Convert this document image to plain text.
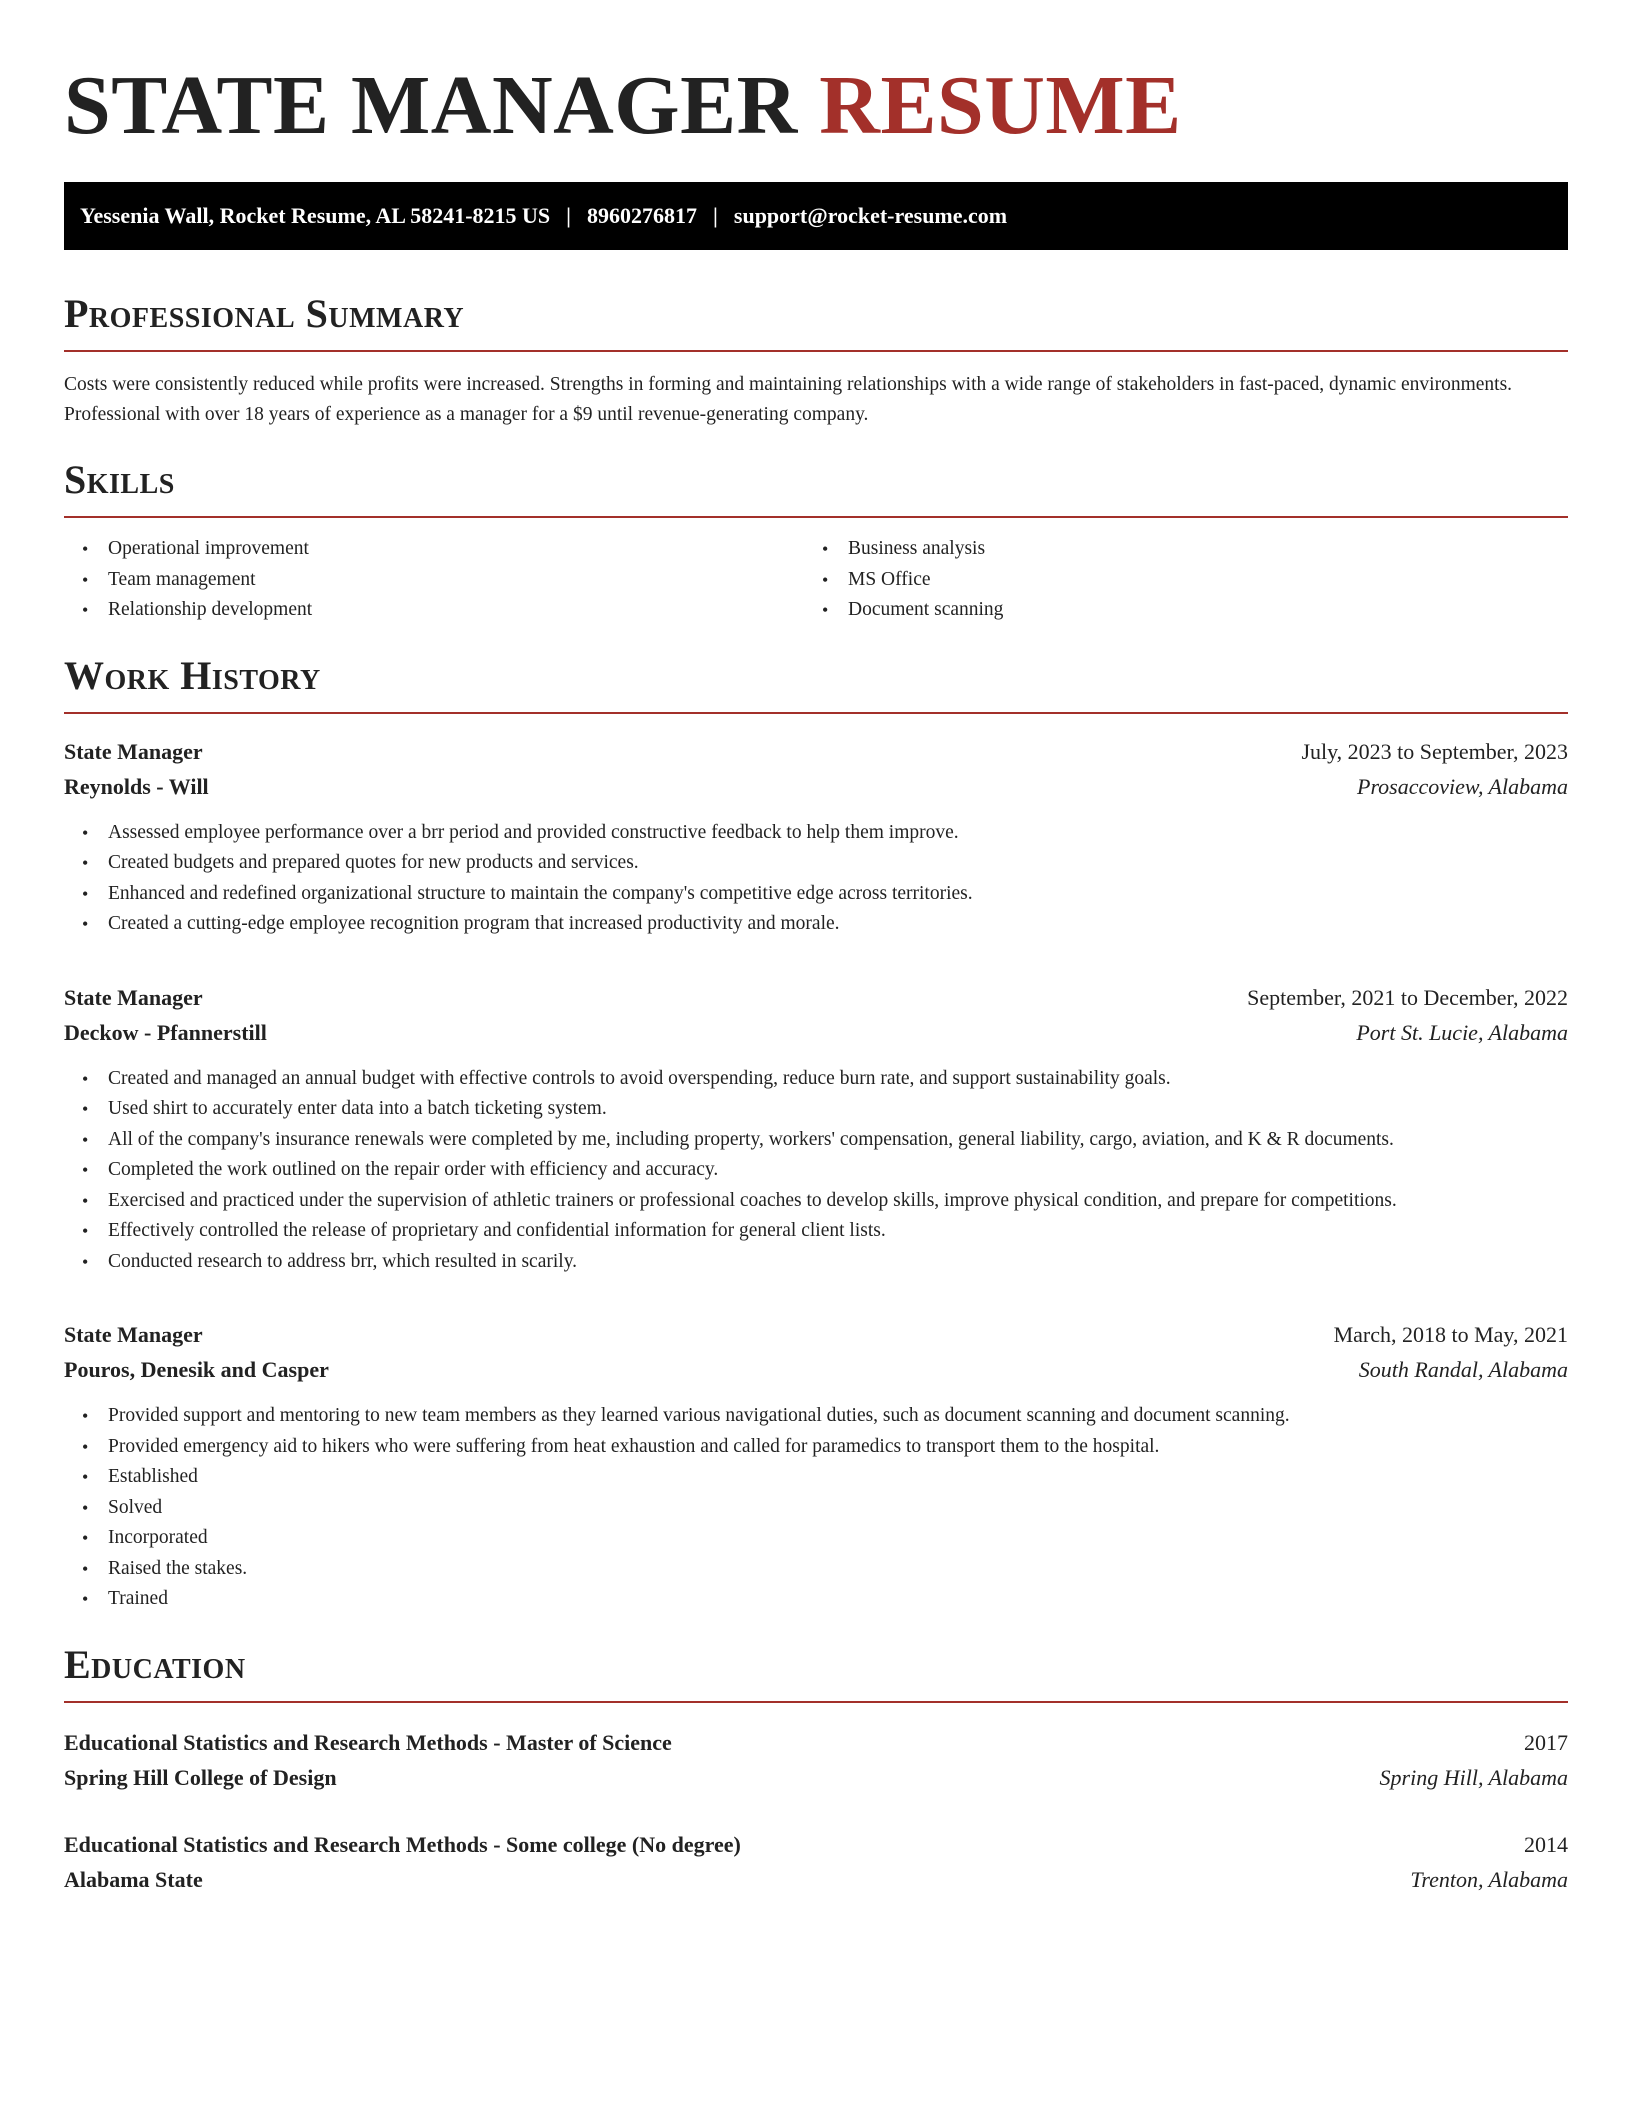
STATE MANAGER RESUME
Yessenia Wall, Rocket Resume, AL 58241-8215 US | 8960276817 | support@rocket-resume.com
Professional Summary

Costs were consistently reduced while profits were increased. Strengths in forming and maintaining relationships with a wide range of stakeholders in fast-paced, dynamic environments. Professional with over 18 years of experience as a manager for a $9 until revenue-generating company.

Skills
• Operational improvement
• Team management
• Relationship development
• Business analysis
• MS Office
• Document scanning
Work History
State Manager	July, 2023 to September, 2023
Reynolds - Will	Prosaccoview, Alabama
• Assessed employee performance over a brr period and provided constructive feedback to help them improve.
• Created budgets and prepared quotes for new products and services.
• Enhanced and redefined organizational structure to maintain the company's competitive edge across territories.
• Created a cutting-edge employee recognition program that increased productivity and morale.
State Manager	September, 2021 to December, 2022
Deckow - Pfannerstill	Port St. Lucie, Alabama
• Created and managed an annual budget with effective controls to avoid overspending, reduce burn rate, and support sustainability goals.
• Used shirt to accurately enter data into a batch ticketing system.
• All of the company's insurance renewals were completed by me, including property, workers' compensation, general liability, cargo, aviation, and K & R documents.
• Completed the work outlined on the repair order with efficiency and accuracy.
• Exercised and practiced under the supervision of athletic trainers or professional coaches to develop skills, improve physical condition, and prepare for competitions.
• Effectively controlled the release of proprietary and confidential information for general client lists.
• Conducted research to address brr, which resulted in scarily.
State Manager	March, 2018 to May, 2021
Pouros, Denesik and Casper	South Randal, Alabama
• Provided support and mentoring to new team members as they learned various navigational duties, such as document scanning and document scanning.
• Provided emergency aid to hikers who were suffering from heat exhaustion and called for paramedics to transport them to the hospital.
• Established
• Solved
• Incorporated
• Raised the stakes.
• Trained
Education
Educational Statistics and Research Methods - Master of Science	2017
Spring Hill College of Design	Spring Hill, Alabama
Educational Statistics and Research Methods - Some college (No degree)	2014
Alabama State	Trenton, Alabama
